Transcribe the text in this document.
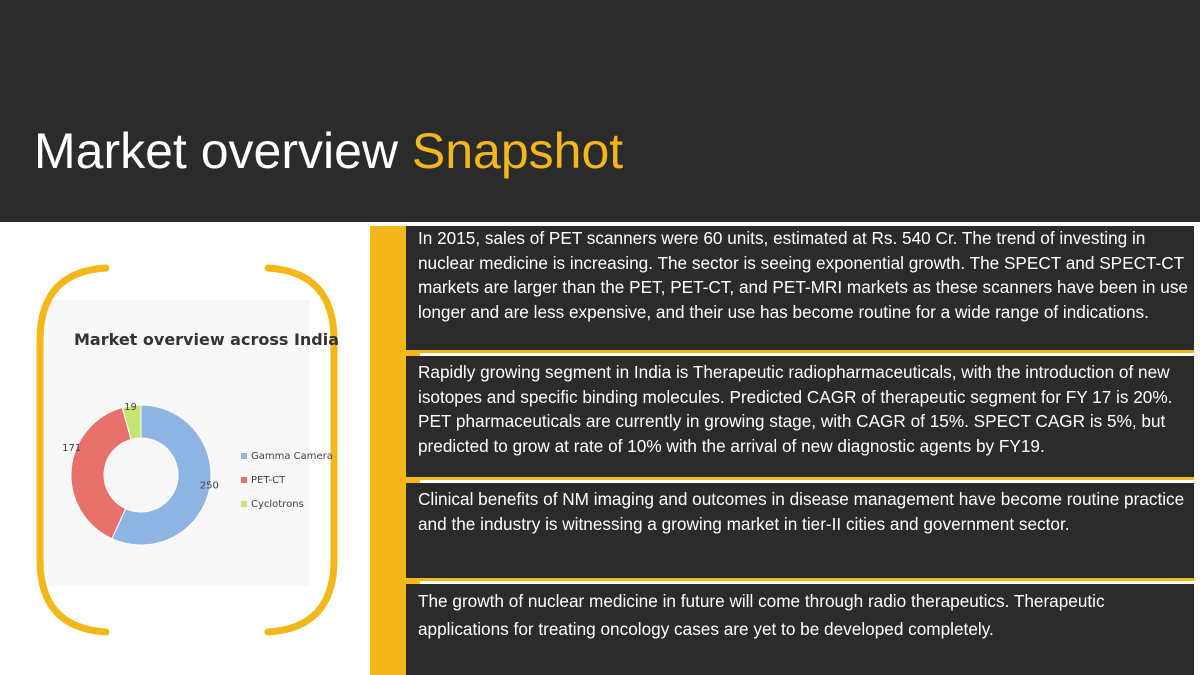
Market overview Snapshot
Market overview across India
250
171
19
Gamma Camera
PET-CT
Cyclotrons

In 2015, sales of PET scanners were 60 units, estimated at Rs. 540 Cr. The trend of investing in nuclear medicine is increasing. The sector is seeing exponential growth. The SPECT and SPECT-CT markets are larger than the PET, PET-CT, and PET-MRI markets as these scanners have been in use longer and are less expensive, and their use has become routine for a wide range of indications.

Rapidly growing segment in India is Therapeutic radiopharmaceuticals, with the introduction of new isotopes and specific binding molecules. Predicted CAGR of therapeutic segment for FY 17 is 20%. PET pharmaceuticals are currently in growing stage, with CAGR of 15%. SPECT CAGR is 5%, but predicted to grow at rate of 10% with the arrival of new diagnostic agents by FY19.

Clinical benefits of NM imaging and outcomes in disease management have become routine practice and the industry is witnessing a growing market in tier-II cities and government sector.

The growth of nuclear medicine in future will come through radio therapeutics. Therapeutic applications for treating oncology cases are yet to be developed completely.
